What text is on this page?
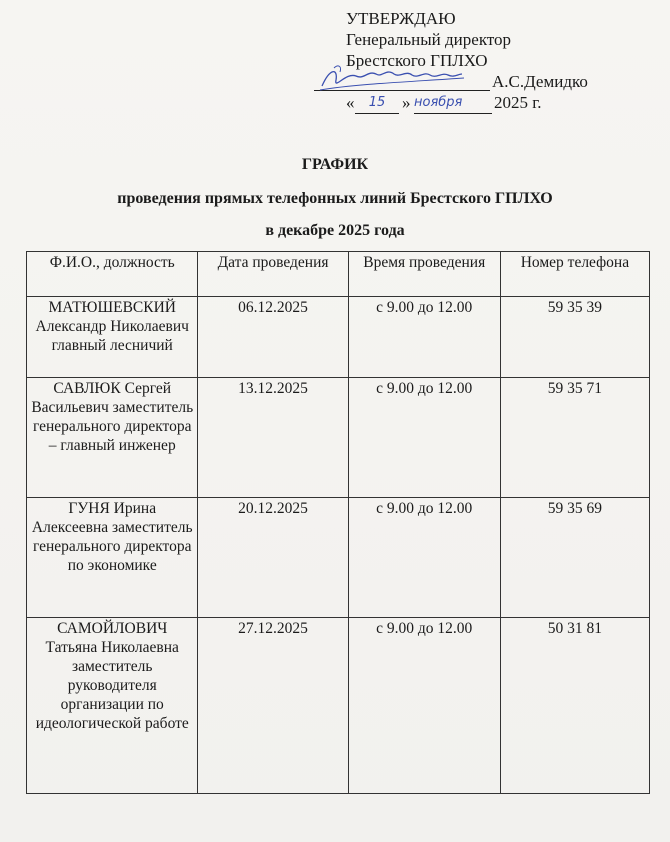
УТВЕРЖДАЮ
Генеральный директор
Брестского ГПЛХО
А.С.Демидко
«	15 » ноября	2025 г.
ГРАФИК
проведения прямых телефонных линий Брестского ГПЛХО
в декабре 2025 года
Ф.И.О., должность	Дата проведения	Время проведения	Номер телефона
МАТЮШЕВСКИЙ Александр Николаевич главный лесничий	06.12.2025	с 9.00 до 12.00	59 35 39
САВЛЮК Сергей Васильевич заместитель генерального директора – главный инженер	13.12.2025	с 9.00 до 12.00	59 35 71
ГУНЯ Ирина Алексеевна заместитель генерального директора по экономике	20.12.2025	с 9.00 до 12.00	59 35 69
САМОЙЛОВИЧ Татьяна Николаевна заместитель руководителя организации по идеологической работе	27.12.2025	с 9.00 до 12.00	50 31 81
